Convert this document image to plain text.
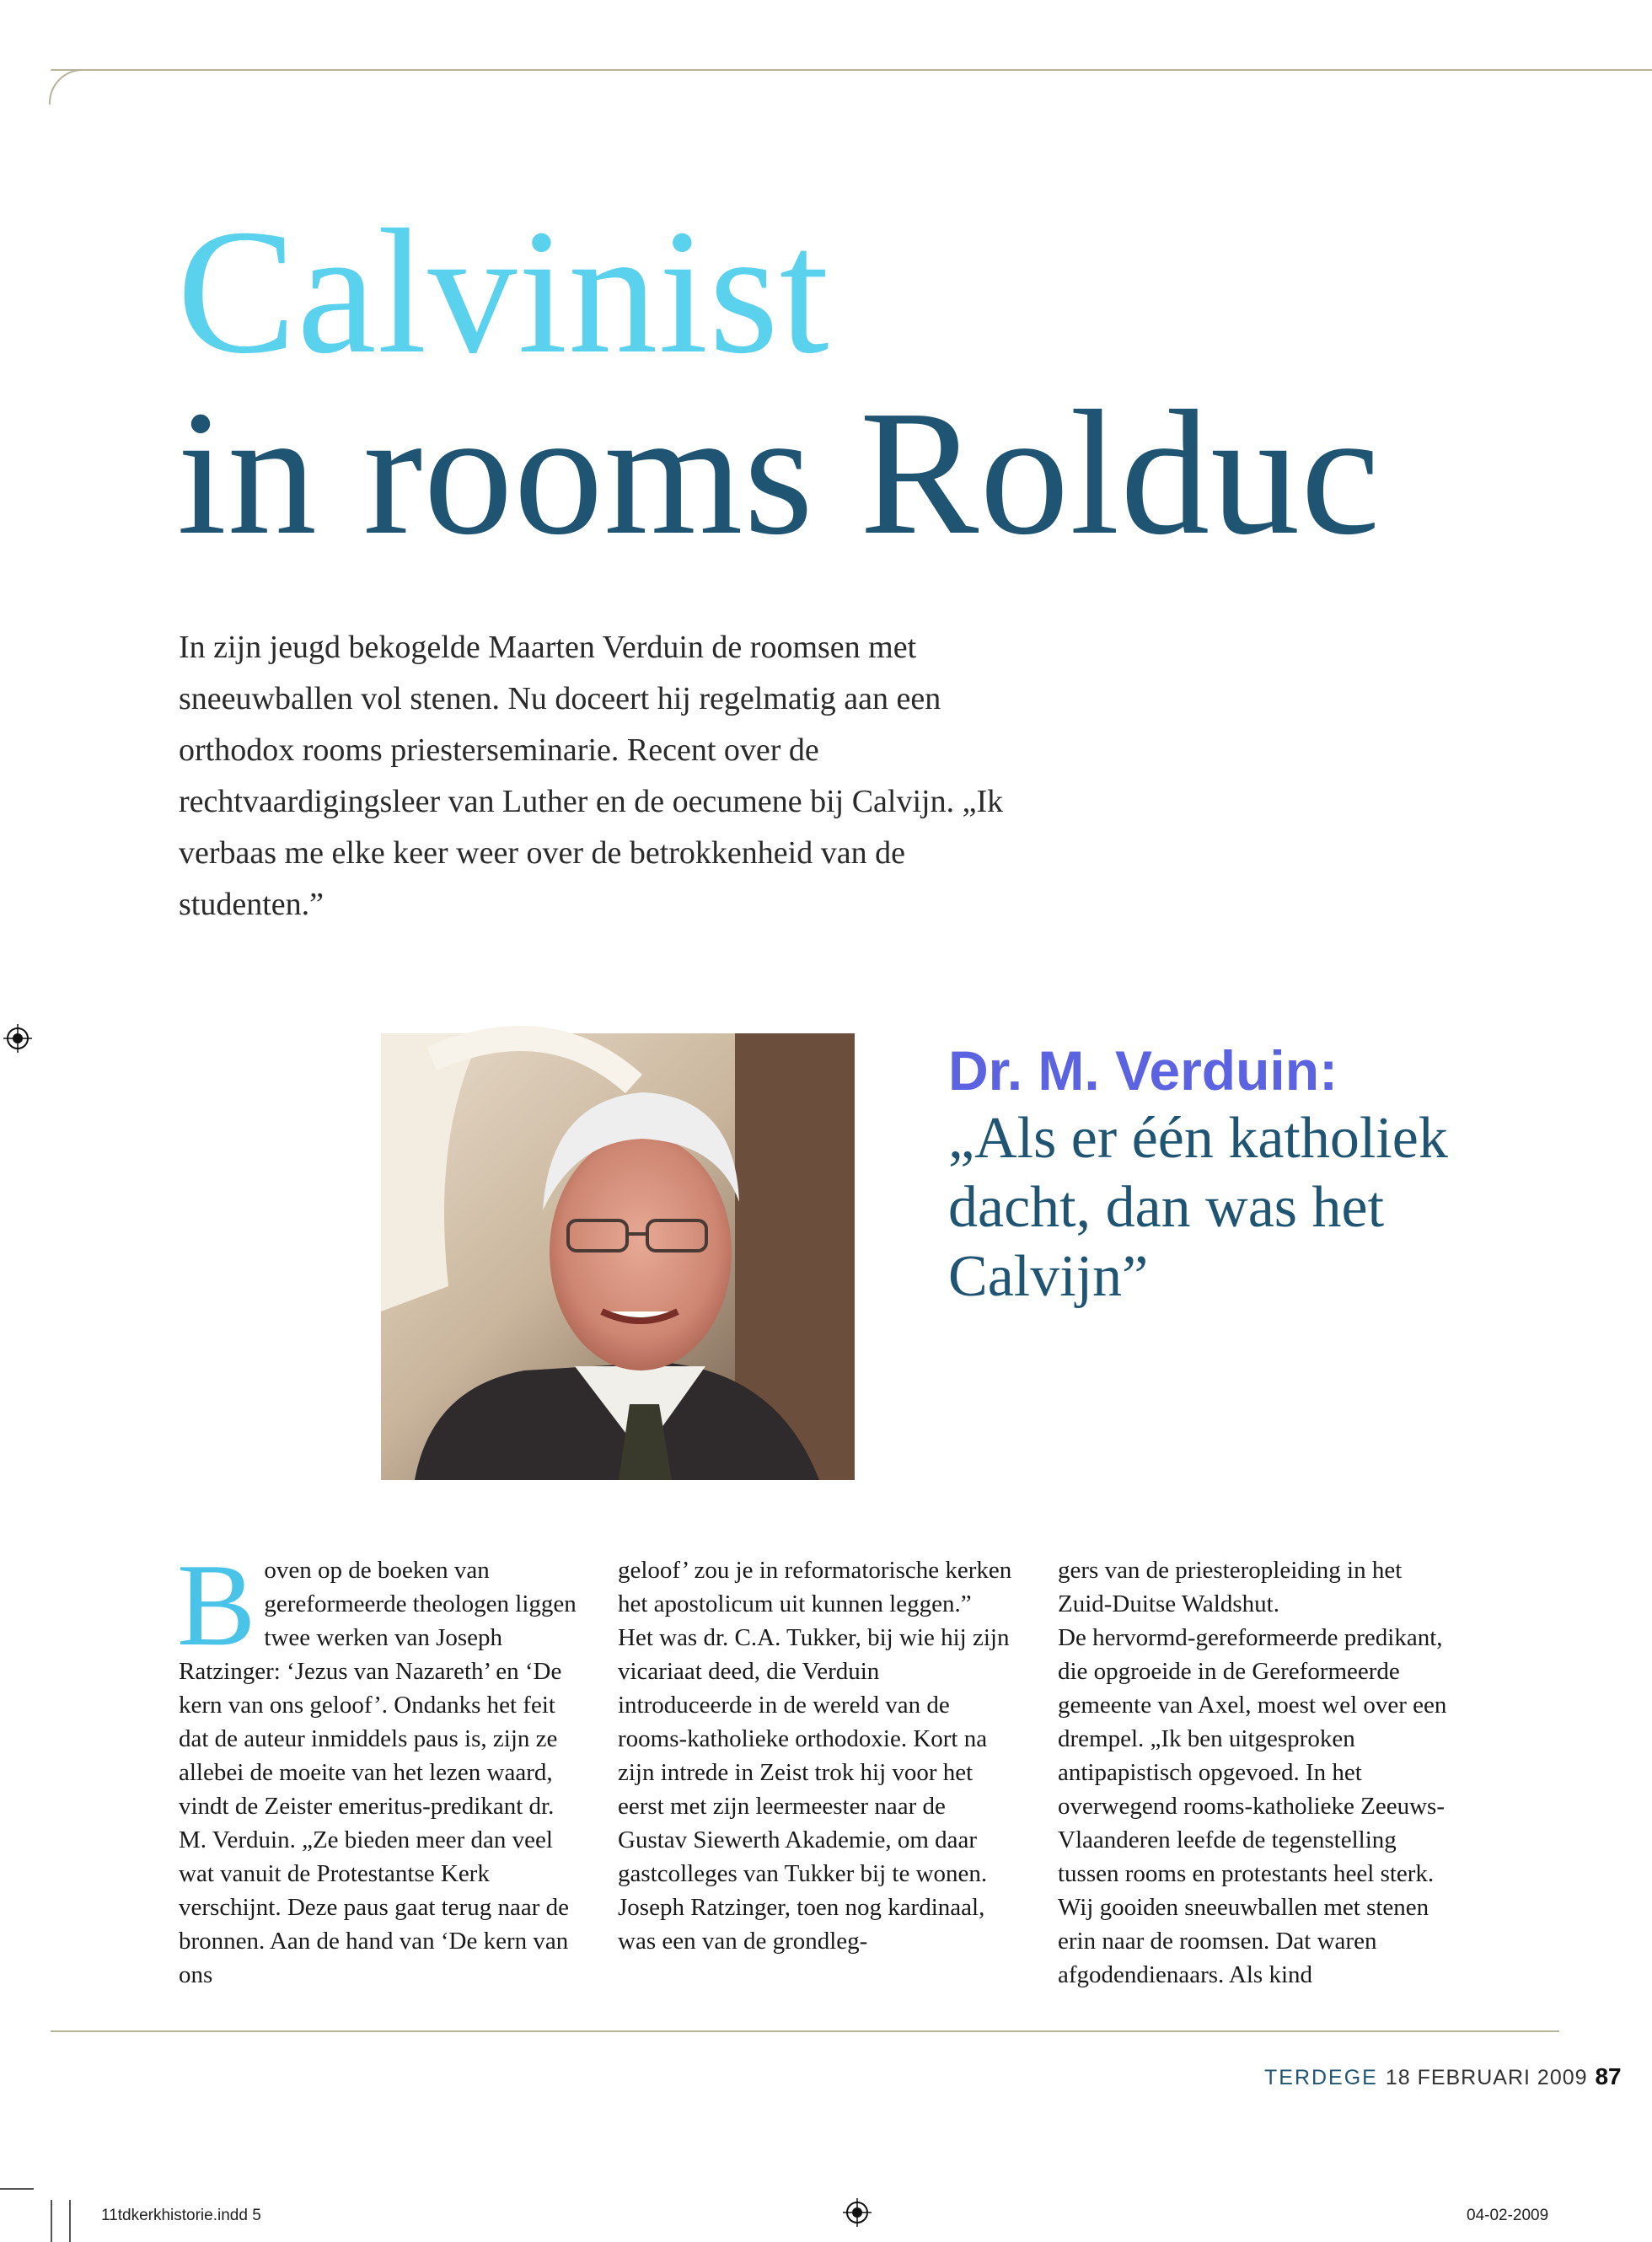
Calvinist
in rooms Rolduc

In zijn jeugd bekogelde Maarten Verduin de roomsen met sneeuwballen vol stenen. Nu doceert hij regelmatig aan een orthodox rooms priesterseminarie. Recent over de rechtvaardigingsleer van Luther en de oecumene bij Calvijn. „Ik verbaas me elke keer weer over de betrokkenheid van de studenten.”

Dr. M. Verduin:
„Als er één katholiek dacht, dan was het Calvijn”
Boven op de boeken van gereformeerde theologen liggen twee werken van Joseph Ratzinger: ‘Jezus van Nazareth’ en ‘De kern van ons geloof’. Ondanks het feit dat de auteur inmiddels paus is, zijn ze allebei de moeite van het lezen waard, vindt de Zeister emeritus-predikant dr. M. Verduin. „Ze bieden meer dan veel wat vanuit de Protestantse Kerk verschijnt. Deze paus gaat terug naar de bronnen. Aan de hand van ‘De kern van ons
geloof’ zou je in reformatorische kerken het apostolicum uit kunnen leggen.”
Het was dr. C.A. Tukker, bij wie hij zijn vicariaat deed, die Verduin introduceerde in de wereld van de rooms-katholieke orthodoxie. Kort na zijn intrede in Zeist trok hij voor het eerst met zijn leermeester naar de Gustav Siewerth Akademie, om daar gastcolleges van Tukker bij te wonen. Joseph Ratzinger, toen nog kardinaal, was een van de grondleg-
gers van de priesteropleiding in het Zuid-Duitse Waldshut.
De hervormd-gereformeerde predikant, die opgroeide in de Gereformeerde gemeente van Axel, moest wel over een drempel. „Ik ben uitgesproken antipapistisch opgevoed. In het overwegend rooms-katholieke Zeeuws-Vlaanderen leefde de tegenstelling tussen rooms en protestants heel sterk. Wij gooiden sneeuwballen met stenen erin naar de roomsen. Dat waren afgodendienaars. Als kind
TERDEGE 18 FEBRUARI 2009 87
11tdkerkhistorie.indd 5	04-02-2009
